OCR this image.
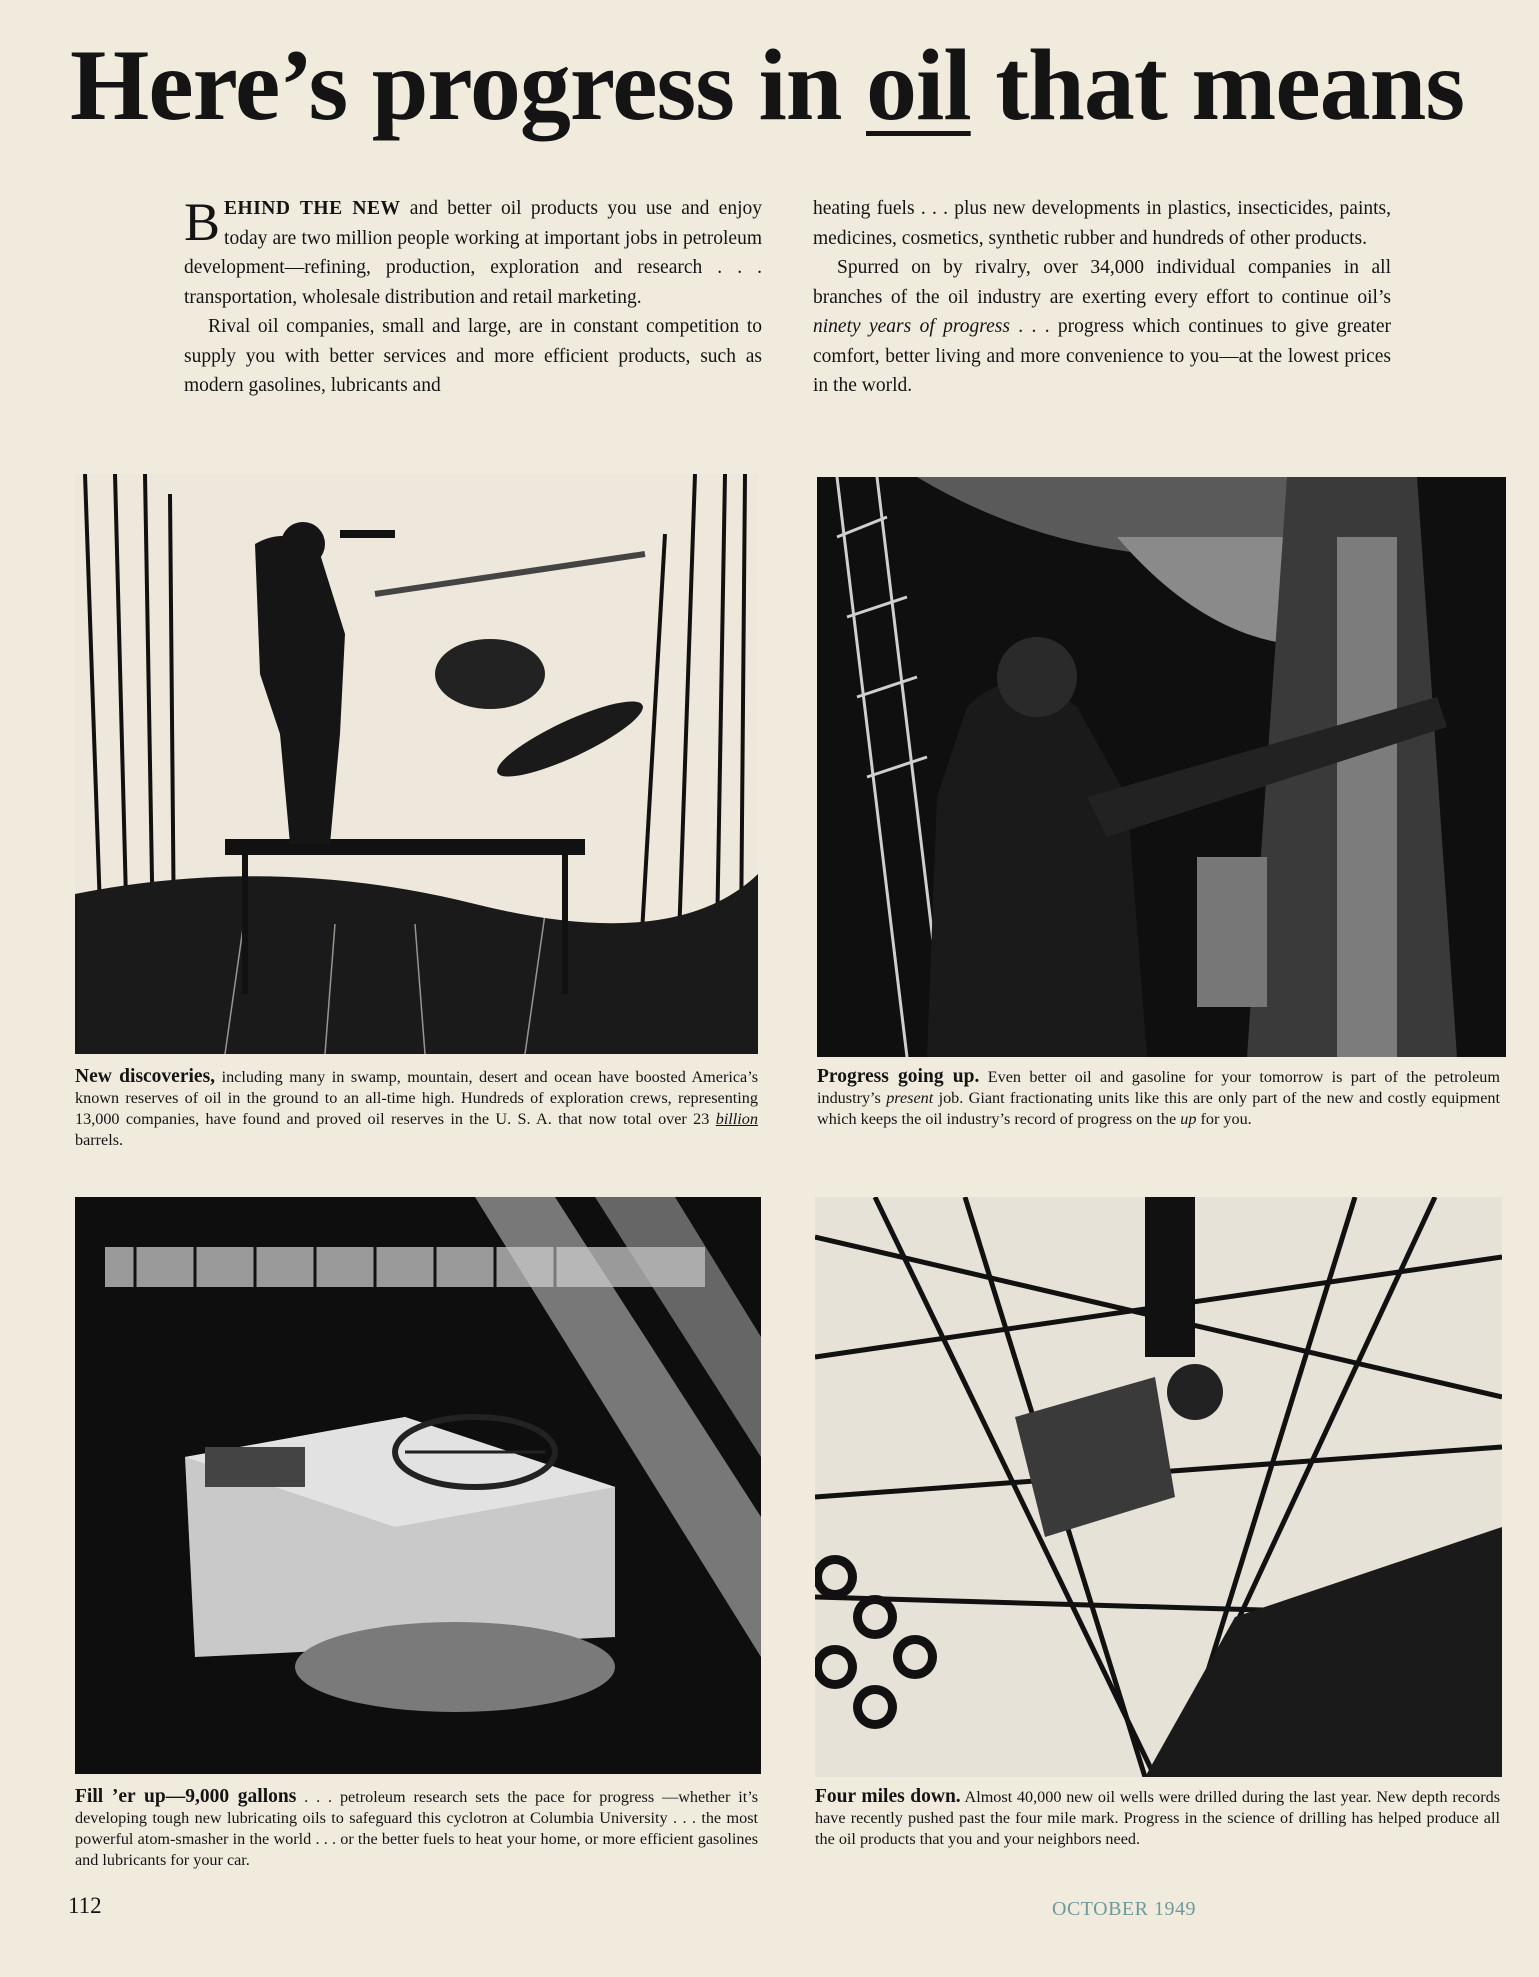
Here’s progress in oil that means

BEHIND THE NEW and better oil products you use and enjoy today are two million people working at important jobs in petroleum development—refining, production, exploration and research . . . transportation, wholesale distribution and retail marketing.

Rival oil companies, small and large, are in constant competition to supply you with better services and more efficient products, such as modern gasolines, lubricants and

heating fuels . . . plus new developments in plastics, insecticides, paints, medicines, cosmetics, synthetic rubber and hundreds of other products.

Spurred on by rivalry, over 34,000 individual companies in all branches of the oil industry are exerting every effort to continue oil’s ninety years of progress . . . progress which continues to give greater comfort, better living and more convenience to you—at the lowest prices in the world.

New discoveries, including many in swamp, mountain, desert and ocean have boosted America’s known reserves of oil in the ground to an all-time high. Hundreds of exploration crews, representing 13,000 companies, have found and proved oil reserves in the U. S. A. that now total over 23 billion barrels.
Progress going up. Even better oil and gasoline for your tomorrow is part of the petroleum industry’s present job. Giant fractionating units like this are only part of the new and costly equipment which keeps the oil industry’s record of progress on the up for you.
Fill ’er up—9,000 gallons . . . petroleum research sets the pace for progress —whether it’s developing tough new lubricating oils to safeguard this cyclotron at Columbia University . . . the most powerful atom-smasher in the world . . . or the better fuels to heat your home, or more efficient gasolines and lubricants for your car.
Four miles down. Almost 40,000 new oil wells were drilled during the last year. New depth records have recently pushed past the four mile mark. Progress in the science of drilling has helped produce all the oil products that you and your neighbors need.
112	OCTOBER 1949
